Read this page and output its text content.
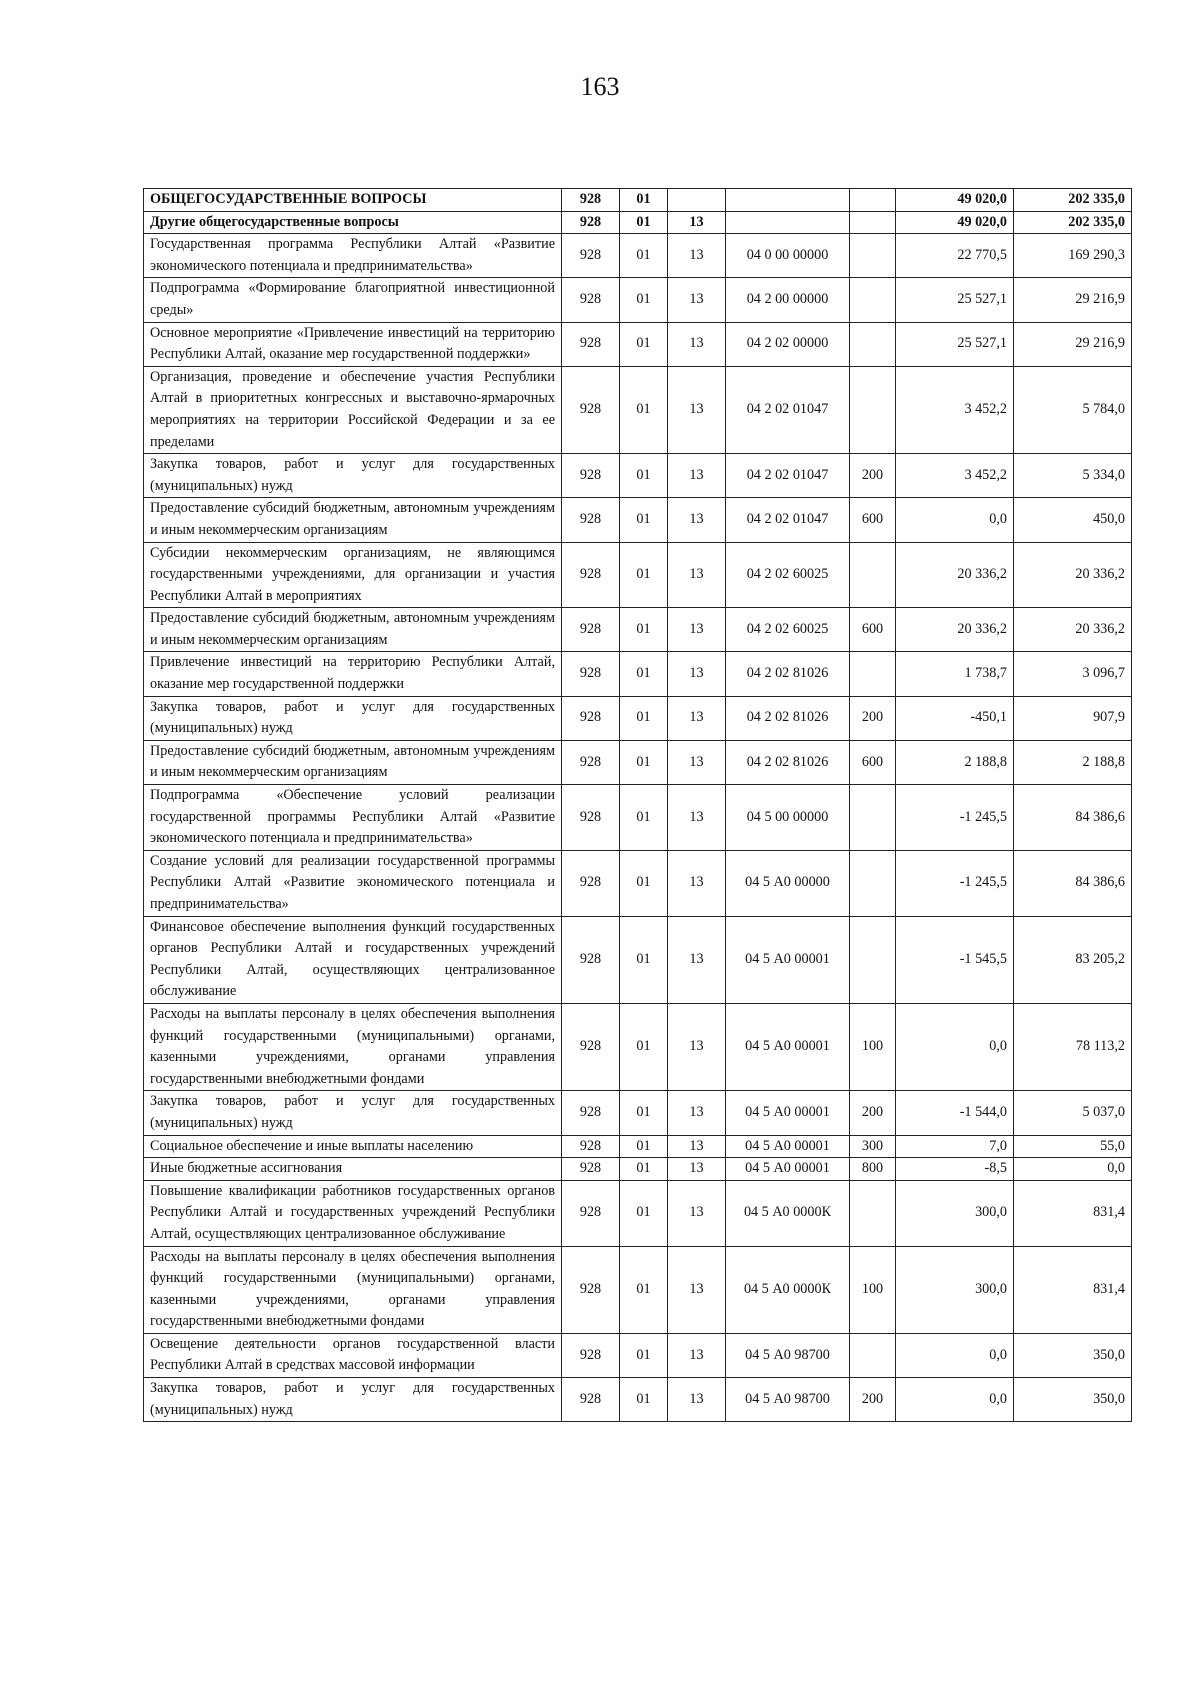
163
ОБЩЕГОСУДАРСТВЕННЫЕ ВОПРОСЫ	928	01				49 020,0	202 335,0
Другие общегосударственные вопросы	928	01	13			49 020,0	202 335,0
Государственная программа Республики Алтай «Развитие экономического потенциала и предпринимательства»	928	01	13	04 0 00 00000		22 770,5	169 290,3
Подпрограмма «Формирование благоприятной инвестиционной среды»	928	01	13	04 2 00 00000		25 527,1	29 216,9
Основное мероприятие «Привлечение инвестиций на территорию Республики Алтай, оказание мер государственной поддержки»	928	01	13	04 2 02 00000		25 527,1	29 216,9
Организация, проведение и обеспечение участия Республики Алтай в приоритетных конгрессных и выставочно-ярмарочных мероприятиях на территории Российской Федерации и за ее пределами	928	01	13	04 2 02 01047		3 452,2	5 784,0
Закупка товаров, работ и услуг для государственных (муниципальных) нужд	928	01	13	04 2 02 01047	200	3 452,2	5 334,0
Предоставление субсидий бюджетным, автономным учреждениям и иным некоммерческим организациям	928	01	13	04 2 02 01047	600	0,0	450,0
Субсидии некоммерческим организациям, не являющимся государственными учреждениями, для организации и участия Республики Алтай в мероприятиях	928	01	13	04 2 02 60025		20 336,2	20 336,2
Предоставление субсидий бюджетным, автономным учреждениям и иным некоммерческим организациям	928	01	13	04 2 02 60025	600	20 336,2	20 336,2
Привлечение инвестиций на территорию Республики Алтай, оказание мер государственной поддержки	928	01	13	04 2 02 81026		1 738,7	3 096,7
Закупка товаров, работ и услуг для государственных (муниципальных) нужд	928	01	13	04 2 02 81026	200	-450,1	907,9
Предоставление субсидий бюджетным, автономным учреждениям и иным некоммерческим организациям	928	01	13	04 2 02 81026	600	2 188,8	2 188,8
Подпрограмма «Обеспечение условий реализации государственной программы Республики Алтай «Развитие экономического потенциала и предпринимательства»	928	01	13	04 5 00 00000		-1 245,5	84 386,6
Создание условий для реализации государственной программы Республики Алтай «Развитие экономического потенциала и предпринимательства»	928	01	13	04 5 А0 00000		-1 245,5	84 386,6
Финансовое обеспечение выполнения функций государственных органов Республики Алтай и государственных учреждений Республики Алтай, осуществляющих централизованное обслуживание	928	01	13	04 5 А0 00001		-1 545,5	83 205,2
Расходы на выплаты персоналу в целях обеспечения выполнения функций государственными (муниципальными) органами, казенными учреждениями, органами управления государственными внебюджетными фондами	928	01	13	04 5 А0 00001	100	0,0	78 113,2
Закупка товаров, работ и услуг для государственных (муниципальных) нужд	928	01	13	04 5 А0 00001	200	-1 544,0	5 037,0
Социальное обеспечение и иные выплаты населению	928	01	13	04 5 А0 00001	300	7,0	55,0
Иные бюджетные ассигнования	928	01	13	04 5 А0 00001	800	-8,5	0,0
Повышение квалификации работников государственных органов Республики Алтай и государственных учреждений Республики Алтай, осуществляющих централизованное обслуживание	928	01	13	04 5 А0 0000К		300,0	831,4
Расходы на выплаты персоналу в целях обеспечения выполнения функций государственными (муниципальными) органами, казенными учреждениями, органами управления государственными внебюджетными фондами	928	01	13	04 5 А0 0000К	100	300,0	831,4
Освещение деятельности органов государственной власти Республики Алтай в средствах массовой информации	928	01	13	04 5 А0 98700		0,0	350,0
Закупка товаров, работ и услуг для государственных (муниципальных) нужд	928	01	13	04 5 А0 98700	200	0,0	350,0
